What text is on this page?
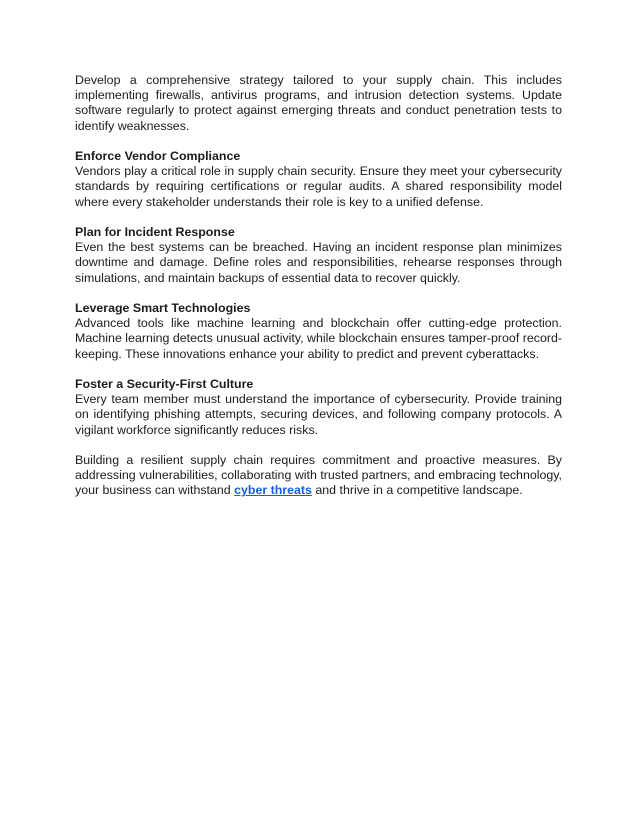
Develop a comprehensive strategy tailored to your supply chain. This includes implementing firewalls, antivirus programs, and intrusion detection systems. Update software regularly to protect against emerging threats and conduct penetration tests to identify weaknesses.

Enforce Vendor Compliance

Vendors play a critical role in supply chain security. Ensure they meet your cybersecurity standards by requiring certifications or regular audits. A shared responsibility model where every stakeholder understands their role is key to a unified defense.

Plan for Incident Response

Even the best systems can be breached. Having an incident response plan minimizes downtime and damage. Define roles and responsibilities, rehearse responses through simulations, and maintain backups of essential data to recover quickly.

Leverage Smart Technologies

Advanced tools like machine learning and blockchain offer cutting-edge protection. Machine learning detects unusual activity, while blockchain ensures tamper-proof record-keeping. These innovations enhance your ability to predict and prevent cyberattacks.

Foster a Security-First Culture

Every team member must understand the importance of cybersecurity. Provide training on identifying phishing attempts, securing devices, and following company protocols. A vigilant workforce significantly reduces risks.

Building a resilient supply chain requires commitment and proactive measures. By addressing vulnerabilities, collaborating with trusted partners, and embracing technology, your business can withstand cyber threats and thrive in a competitive landscape.
